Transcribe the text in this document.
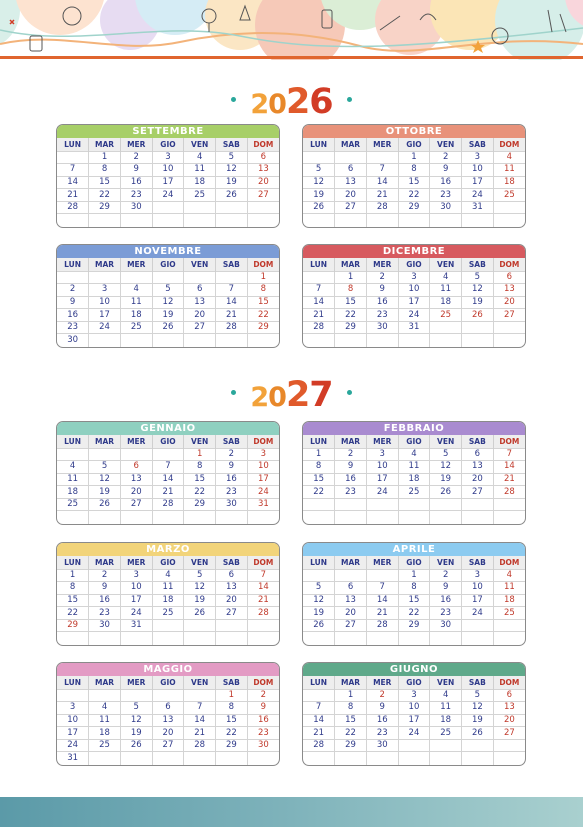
2026
2027
SETTEMBRE
LUN	MAR	MER	GIO	VEN	SAB	DOM
	1	2	3	4	5	6
7	8	9	10	11	12	13
14	15	16	17	18	19	20
21	22	23	24	25	26	27
28	29	30				

OTTOBRE
LUN	MAR	MER	GIO	VEN	SAB	DOM
			1	2	3	4
5	6	7	8	9	10	11
12	13	14	15	16	17	18
19	20	21	22	23	24	25
26	27	28	29	30	31	

NOVEMBRE
LUN	MAR	MER	GIO	VEN	SAB	DOM
						1
2	3	4	5	6	7	8
9	10	11	12	13	14	15
16	17	18	19	20	21	22
23	24	25	26	27	28	29
30						
DICEMBRE
LUN	MAR	MER	GIO	VEN	SAB	DOM
	1	2	3	4	5	6
7	8	9	10	11	12	13
14	15	16	17	18	19	20
21	22	23	24	25	26	27
28	29	30	31			

GENNAIO
LUN	MAR	MER	GIO	VEN	SAB	DOM
				1	2	3
4	5	6	7	8	9	10
11	12	13	14	15	16	17
18	19	20	21	22	23	24
25	26	27	28	29	30	31

FEBBRAIO
LUN	MAR	MER	GIO	VEN	SAB	DOM
1	2	3	4	5	6	7
8	9	10	11	12	13	14
15	16	17	18	19	20	21
22	23	24	25	26	27	28

MARZO
LUN	MAR	MER	GIO	VEN	SAB	DOM
1	2	3	4	5	6	7
8	9	10	11	12	13	14
15	16	17	18	19	20	21
22	23	24	25	26	27	28
29	30	31				

APRILE
LUN	MAR	MER	GIO	VEN	SAB	DOM
			1	2	3	4
5	6	7	8	9	10	11
12	13	14	15	16	17	18
19	20	21	22	23	24	25
26	27	28	29	30		

MAGGIO
LUN	MAR	MER	GIO	VEN	SAB	DOM
					1	2
3	4	5	6	7	8	9
10	11	12	13	14	15	16
17	18	19	20	21	22	23
24	25	26	27	28	29	30
31						
GIUGNO
LUN	MAR	MER	GIO	VEN	SAB	DOM
	1	2	3	4	5	6
7	8	9	10	11	12	13
14	15	16	17	18	19	20
21	22	23	24	25	26	27
28	29	30				
